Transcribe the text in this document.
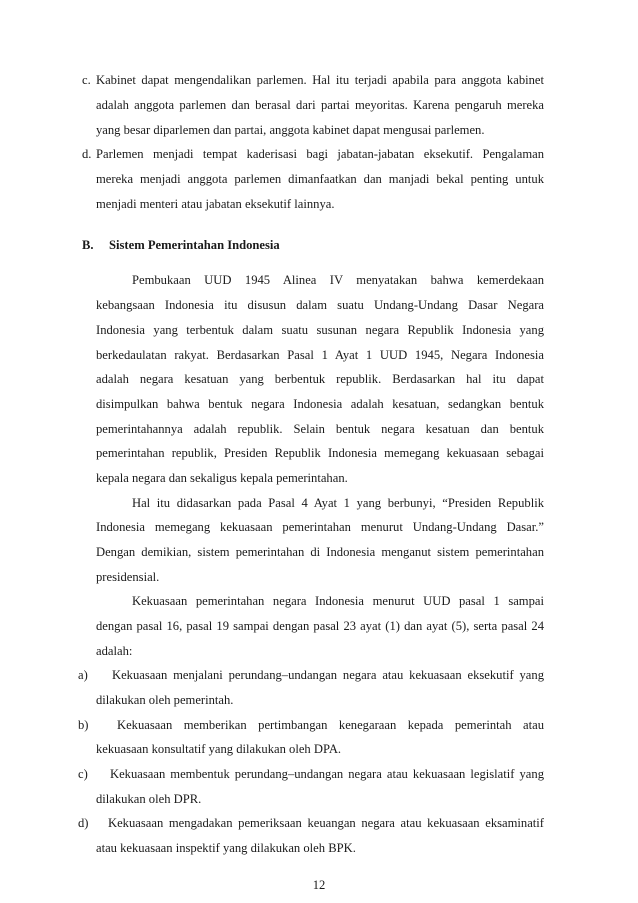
c. Kabinet dapat mengendalikan parlemen. Hal itu terjadi apabila para anggota kabinet
adalah anggota parlemen dan berasal dari partai meyoritas. Karena pengaruh mereka
yang besar diparlemen dan partai, anggota kabinet dapat mengusai parlemen.
d. Parlemen menjadi tempat kaderisasi bagi jabatan-jabatan eksekutif. Pengalaman
mereka menjadi anggota parlemen dimanfaatkan dan manjadi bekal penting untuk
menjadi menteri atau jabatan eksekutif lainnya.
B. Sistem Pemerintahan Indonesia
Pembukaan UUD 1945 Alinea IV menyatakan bahwa kemerdekaan
kebangsaan Indonesia itu disusun dalam suatu Undang-Undang Dasar Negara
Indonesia yang terbentuk dalam suatu susunan negara Republik Indonesia yang
berkedaulatan rakyat. Berdasarkan Pasal 1 Ayat 1 UUD 1945, Negara Indonesia
adalah negara kesatuan yang berbentuk republik. Berdasarkan hal itu dapat
disimpulkan bahwa bentuk negara Indonesia adalah kesatuan, sedangkan bentuk
pemerintahannya adalah republik. Selain bentuk negara kesatuan dan bentuk
pemerintahan republik, Presiden Republik Indonesia memegang kekuasaan sebagai
kepala negara dan sekaligus kepala pemerintahan.
Hal itu didasarkan pada Pasal 4 Ayat 1 yang berbunyi, “Presiden Republik
Indonesia memegang kekuasaan pemerintahan menurut Undang-Undang Dasar.”
Dengan demikian, sistem pemerintahan di Indonesia menganut sistem pemerintahan
presidensial.
Kekuasaan pemerintahan negara Indonesia menurut UUD pasal 1 sampai
dengan pasal 16, pasal 19 sampai dengan pasal 23 ayat (1) dan ayat (5), serta pasal 24
adalah:
a) Kekuasaan menjalani perundang–undangan negara atau kekuasaan eksekutif yang
dilakukan oleh pemerintah.
b) Kekuasaan memberikan pertimbangan kenegaraan kepada pemerintah atau
kekuasaan konsultatif yang dilakukan oleh DPA.
c) Kekuasaan membentuk perundang–undangan negara atau kekuasaan legislatif yang
dilakukan oleh DPR.
d) Kekuasaan mengadakan pemeriksaan keuangan negara atau kekuasaan eksaminatif
atau kekuasaan inspektif yang dilakukan oleh BPK.
12
